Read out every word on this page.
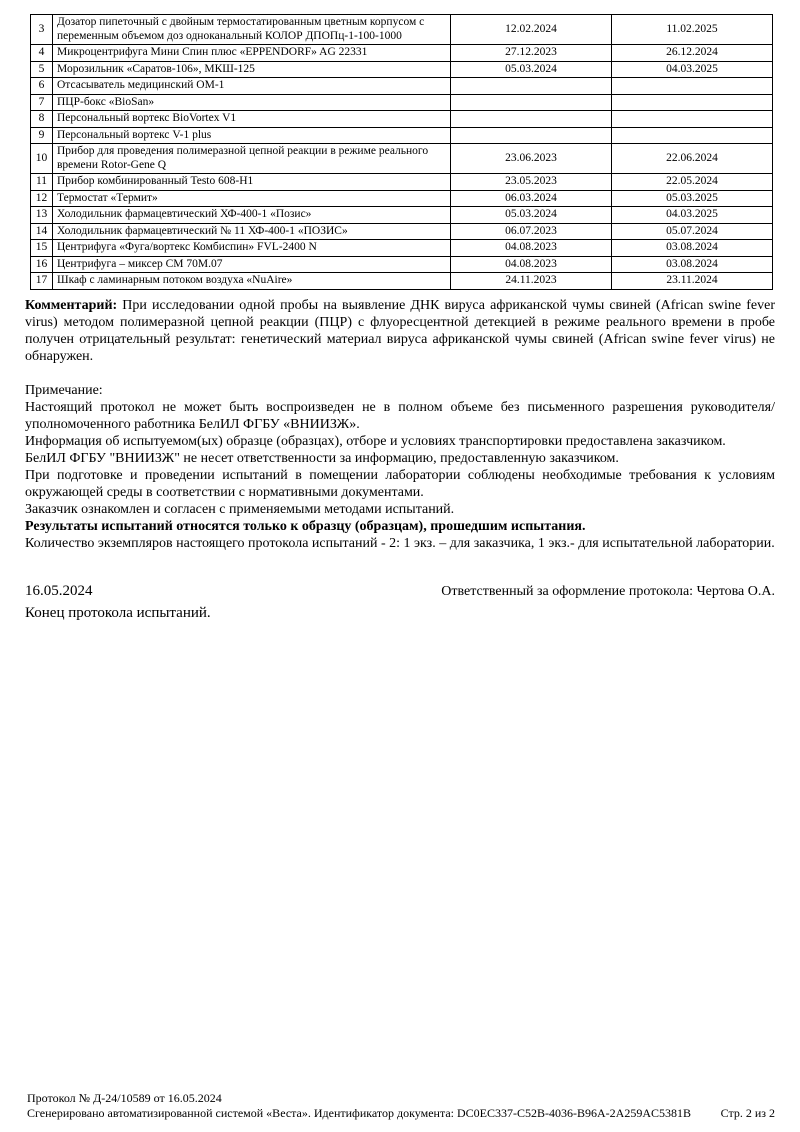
3	Дозатор пипеточный с двойным термостатированным цветным корпусом с переменным объемом доз одноканальный КОЛОР ДПОПц-1-100-1000	12.02.2024	11.02.2025
4	Микроцентрифуга Мини Спин плюс «EPPENDORF» AG 22331	27.12.2023	26.12.2024
5	Морозильник «Саратов-106», МКШ-125	05.03.2024	04.03.2025
6	Отсасыватель медицинский ОМ-1		
7	ПЦР-бокс «BioSan»		
8	Персональный вортекс BioVortex V1		
9	Персональный вортекс V-1 plus		
10	Прибор для проведения полимеразной цепной реакции в режиме реального времени Rotor-Gene Q	23.06.2023	22.06.2024
11	Прибор комбинированный Testo 608-H1	23.05.2023	22.05.2024
12	Термостат «Термит»	06.03.2024	05.03.2025
13	Холодильник фармацевтический ХФ-400-1 «Позис»	05.03.2024	04.03.2025
14	Холодильник фармацевтический № 11 ХФ-400-1 «ПОЗИС»	06.07.2023	05.07.2024
15	Центрифуга «Фуга/вортекс Комбиспин» FVL-2400 N	04.08.2023	03.08.2024
16	Центрифуга – миксер СМ 70М.07	04.08.2023	03.08.2024
17	Шкаф с ламинарным потоком воздуха «NuAire»	24.11.2023	23.11.2024

Комментарий: При исследовании одной пробы на выявление ДНК вируса африканской чумы свиней (African swine fever virus) методом полимеразной цепной реакции (ПЦР) с флуоресцентной детекцией в режиме реального времени в пробе получен отрицательный результат: генетический материал вируса африканской чумы свиней (African swine fever virus) не обнаружен.

Примечание:

Настоящий протокол не может быть воспроизведен не в полном объеме без письменного разрешения руководителя/уполномоченного работника БелИЛ ФГБУ «ВНИИЗЖ».

Информация об испытуемом(ых) образце (образцах), отборе и условиях транспортировки предоставлена заказчиком.

БелИЛ ФГБУ "ВНИИЗЖ" не несет ответственности за информацию, предоставленную заказчиком.

При подготовке и проведении испытаний в помещении лаборатории соблюдены необходимые требования к условиям окружающей среды в соответствии с нормативными документами.

Заказчик ознакомлен и согласен с применяемыми методами испытаний.

Результаты испытаний относятся только к образцу (образцам), прошедшим испытания.

Количество экземпляров настоящего протокола испытаний - 2: 1 экз. – для заказчика, 1 экз.- для испытательной лаборатории.

16.05.2024	Ответственный за оформление протокола: Чертова О.А.
Конец протокола испытаний.
Протокол № Д-24/10589 от 16.05.2024
Сгенерировано автоматизированной системой «Веста». Идентификатор документа: DC0EC337-C52B-4036-B96A-2A259AC5381B Стр. 2 из 2
